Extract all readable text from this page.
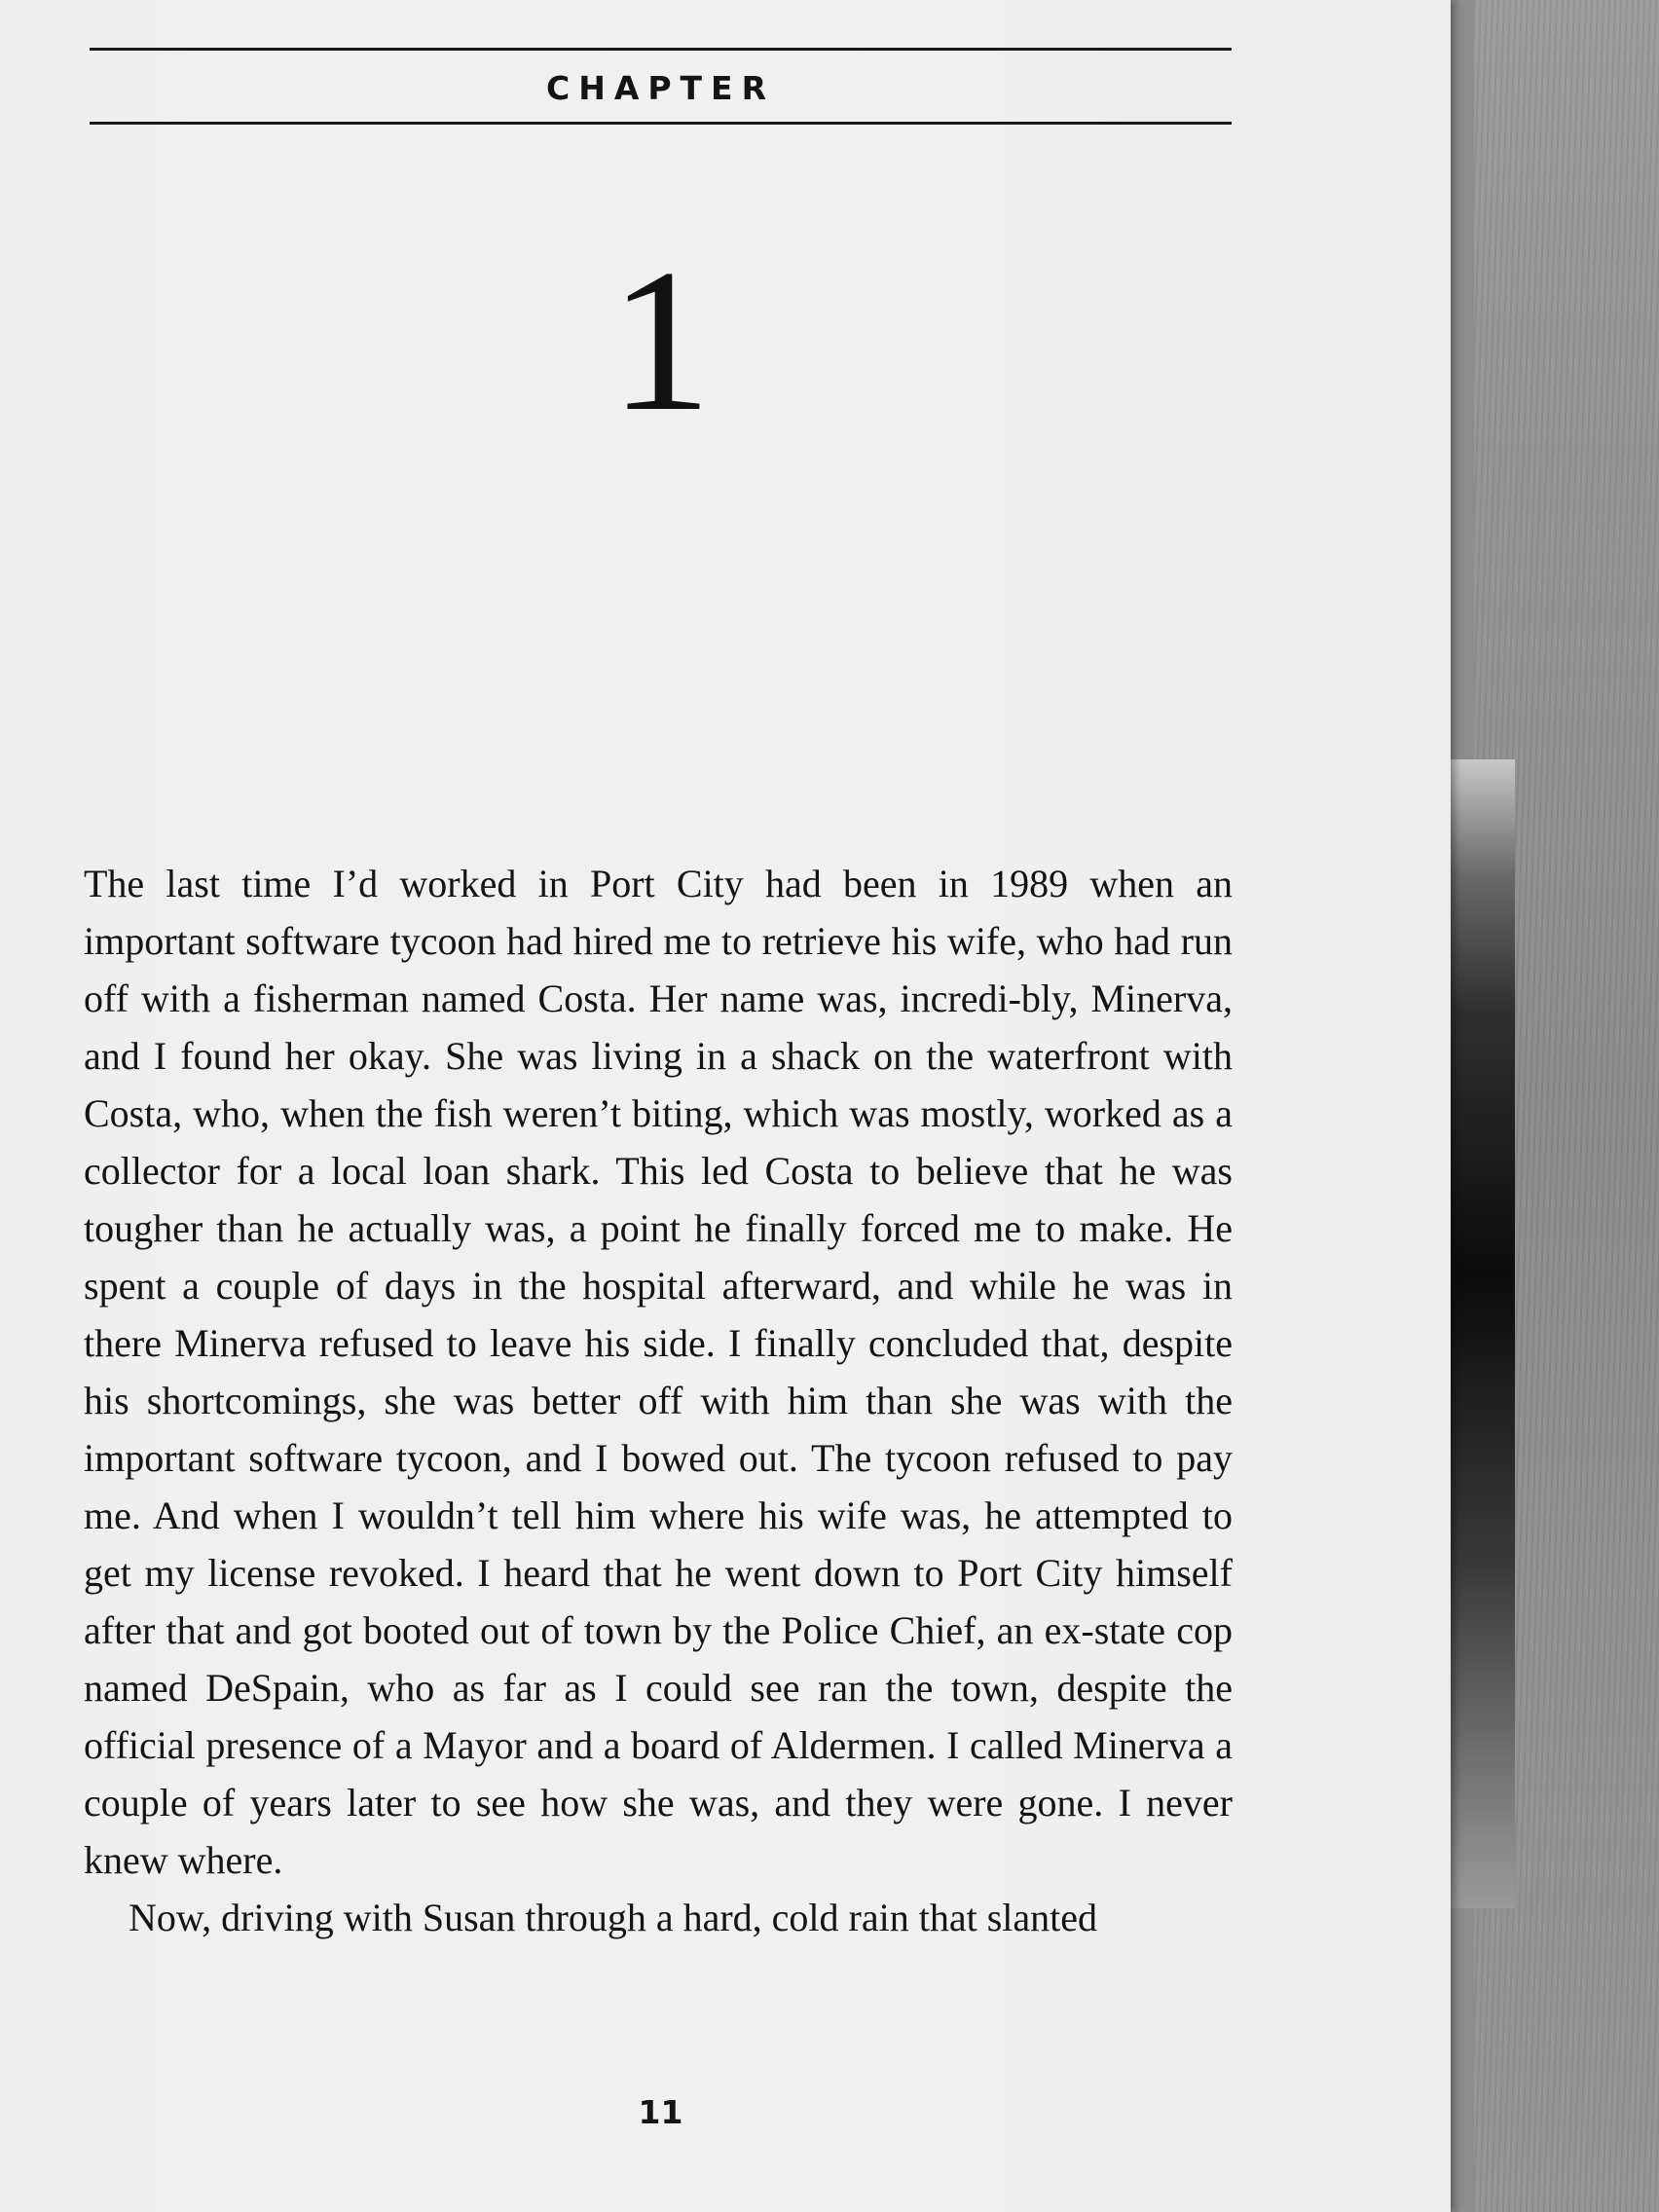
CHAPTER

1

The last time I’d worked in Port City had been in 1989 when an important software tycoon had hired me to retrieve his wife, who had run off with a fisherman named Costa. Her name was, incredi-bly, Minerva, and I found her okay. She was living in a shack on the waterfront with Costa, who, when the fish weren’t biting, which was mostly, worked as a collector for a local loan shark. This led Costa to believe that he was tougher than he actually was, a point he finally forced me to make. He spent a couple of days in the hospital afterward, and while he was in there Minerva refused to leave his side. I finally concluded that, despite his shortcomings, she was better off with him than she was with the important software tycoon, and I bowed out. The tycoon refused to pay me. And when I wouldn’t tell him where his wife was, he attempted to get my license revoked. I heard that he went down to Port City himself after that and got booted out of town by the Police Chief, an ex-state cop named DeSpain, who as far as I could see ran the town, despite the official presence of a Mayor and a board of Aldermen. I called Minerva a couple of years later to see how she was, and they were gone. I never knew where.

Now, driving with Susan through a hard, cold rain that slanted

11
